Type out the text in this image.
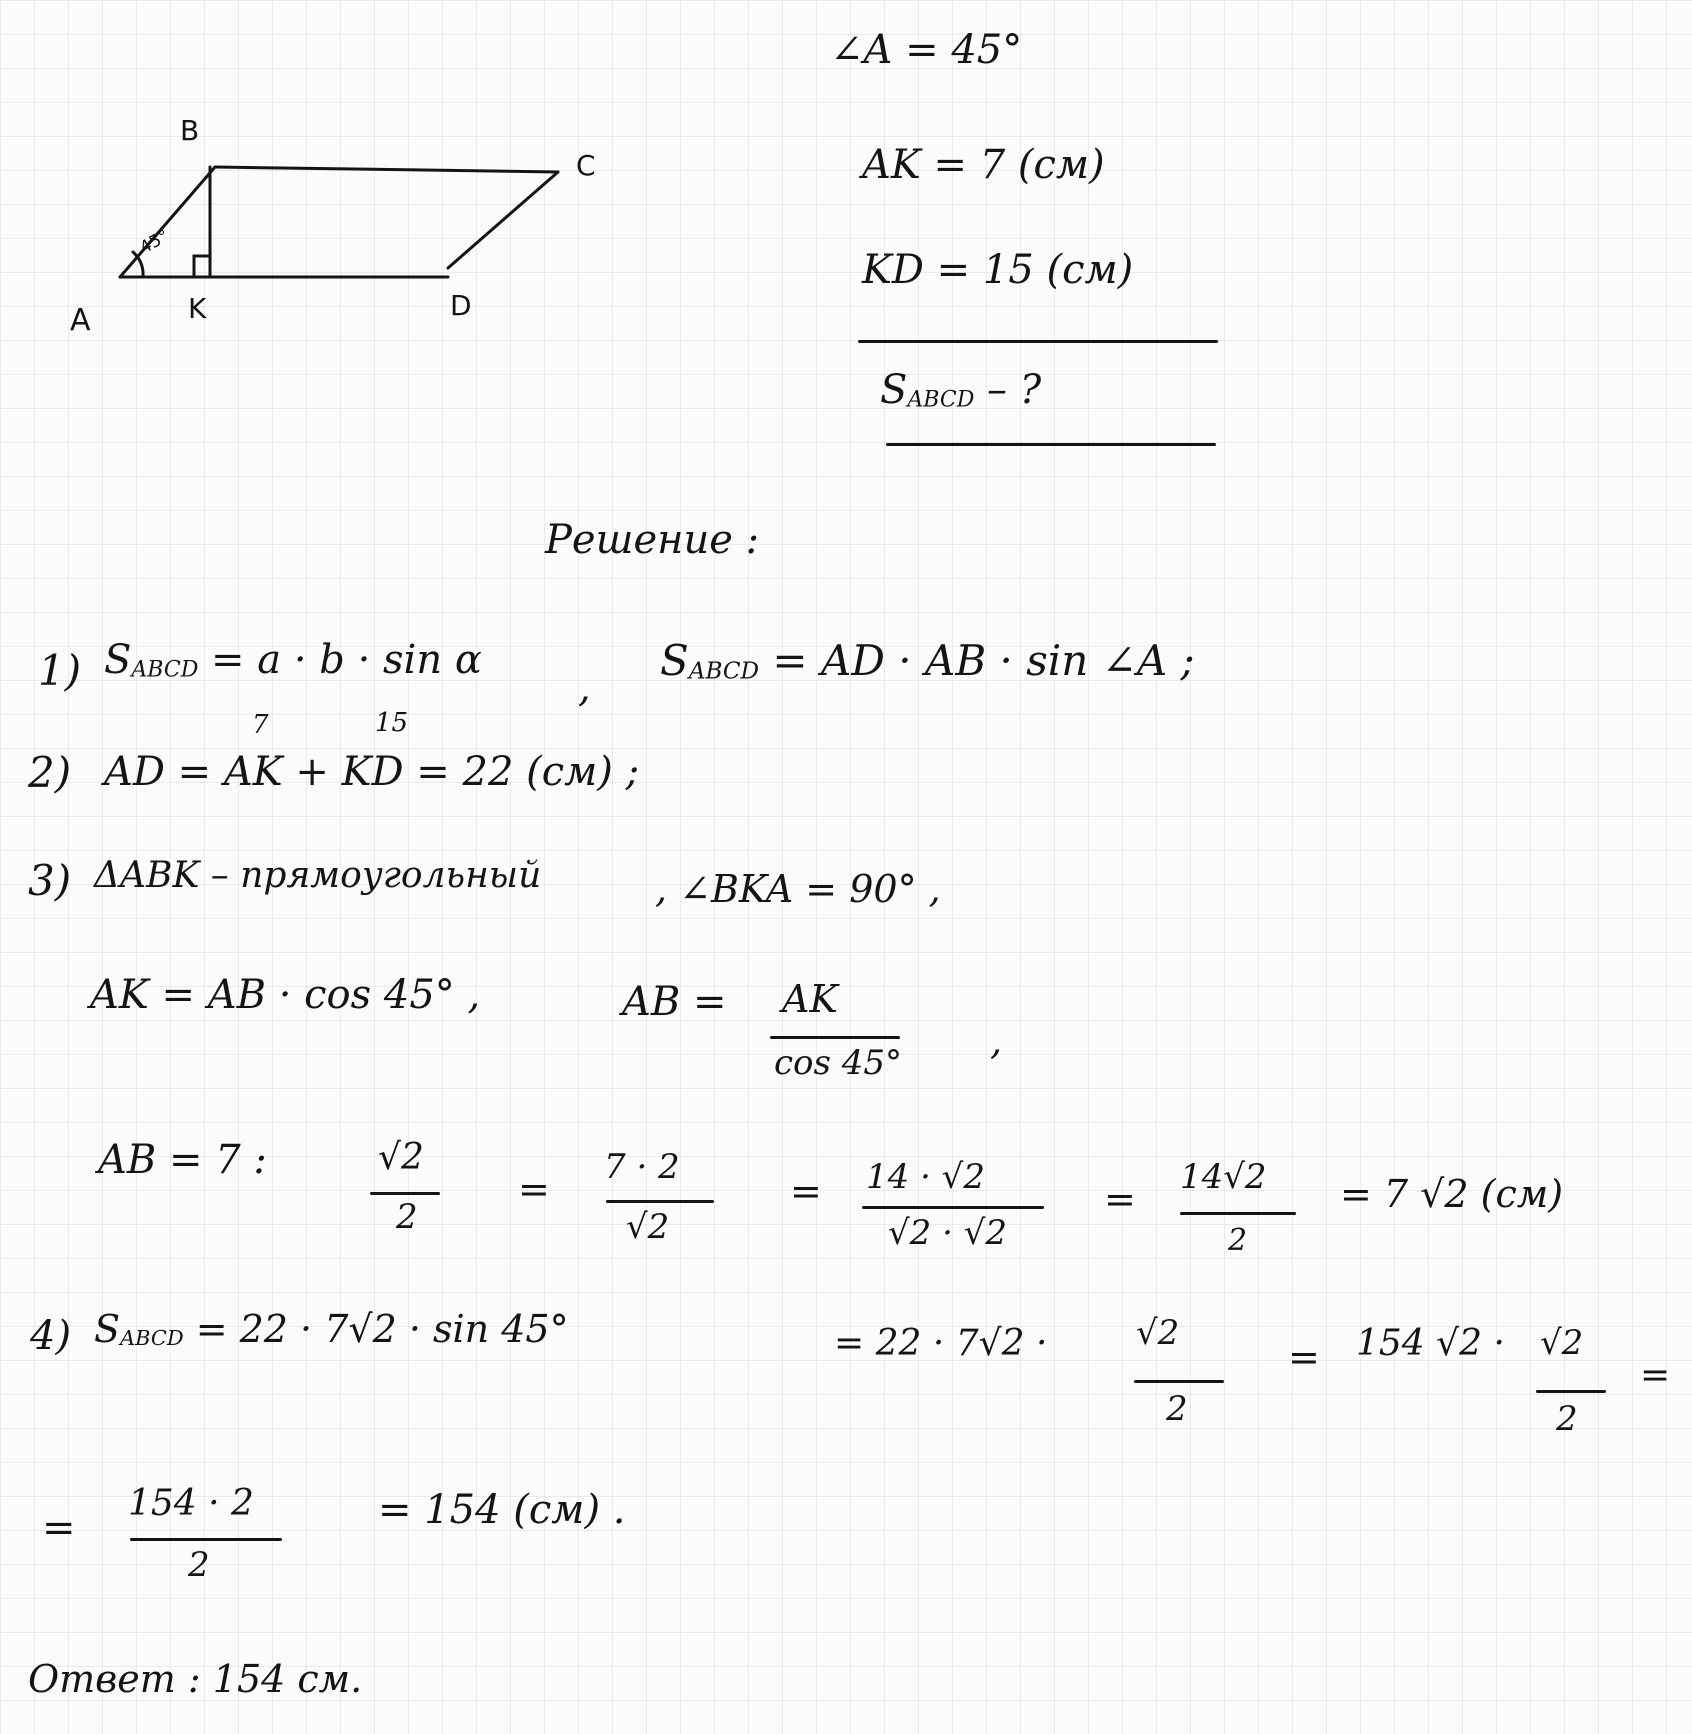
B
C
A	K	D
45°
∠A = 45°
AK = 7 (см)
KD = 15 (см)
$S_{ABCD}$ – ?
Решение :
1) $S_{ABCD} = a \cdot b \cdot \sin \alpha$
,
$S_{ABCD}$ = AD · AB · sin ∠A ;
7	15
2) AD = AK + KD = 22 (см) ;
3) ΔABK – прямоугольный	, ∠BKA = 90° ,
AK = AB · cos 45° ,	AB = AK
cos 45° ,
AB = 7 :	√2
2
= 7 · 2
√2
= 14 · √2
√2 · √2
= 14√2
2
= 7 √2 (см)
4) $S_{ABCD} = 22 \cdot 7√2 \cdot \sin 45^\circ$	= 22 · 7√2 ·	√2
2
= 154 √2 · √2
2
=
=
154 · 2
2
= 154 (см) .
Ответ : 154 см.
